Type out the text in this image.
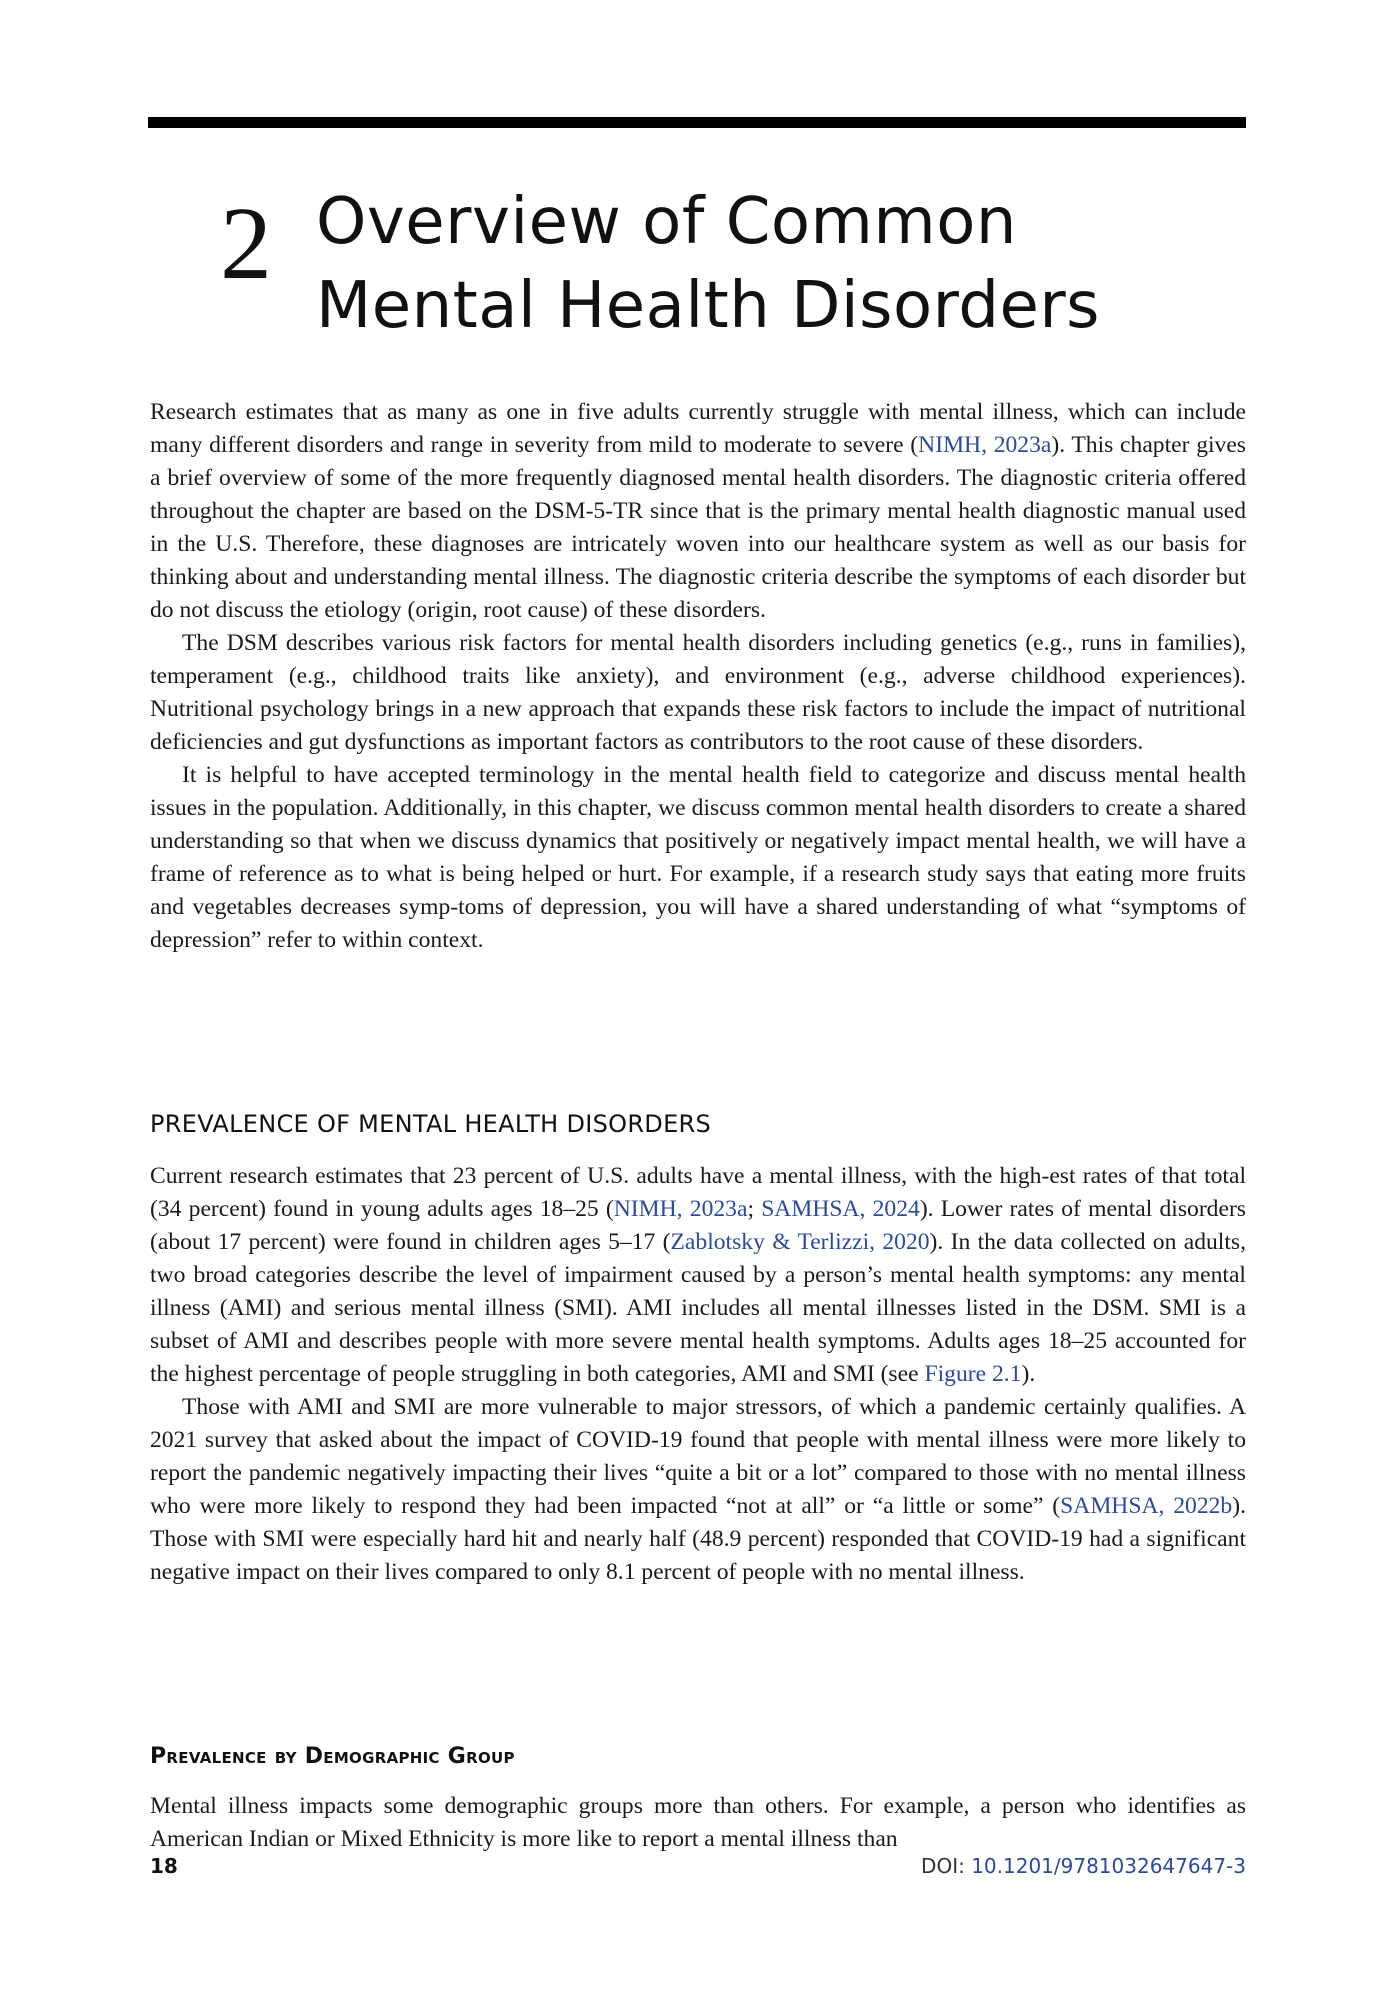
2 Overview of Common
Mental Health Disorders

Research estimates that as many as one in five adults currently struggle with mental illness, which can include many different disorders and range in severity from mild to moderate to severe (NIMH, 2023a). This chapter gives a brief overview of some of the more frequently diagnosed mental health disorders. The diagnostic criteria offered throughout the chapter are based on the DSM-5-TR since that is the primary mental health diagnostic manual used in the U.S. Therefore, these diagnoses are intricately woven into our healthcare system as well as our basis for thinking about and understanding mental illness. The diagnostic criteria describe the symptoms of each disorder but do not discuss the etiology (origin, root cause) of these disorders.

The DSM describes various risk factors for mental health disorders including genetics (e.g., runs in families), temperament (e.g., childhood traits like anxiety), and environment (e.g., adverse childhood experiences). Nutritional psychology brings in a new approach that expands these risk factors to include the impact of nutritional deficiencies and gut dysfunctions as important factors as contributors to the root cause of these disorders.

It is helpful to have accepted terminology in the mental health field to categorize and discuss mental health issues in the population. Additionally, in this chapter, we discuss common mental health disorders to create a shared understanding so that when we discuss dynamics that positively or negatively impact mental health, we will have a frame of reference as to what is being helped or hurt. For example, if a research study says that eating more fruits and vegetables decreases symp-toms of depression, you will have a shared understanding of what “symptoms of depression” refer to within context.

PREVALENCE OF MENTAL HEALTH DISORDERS

Current research estimates that 23 percent of U.S. adults have a mental illness, with the high-est rates of that total (34 percent) found in young adults ages 18–25 (NIMH, 2023a; SAMHSA, 2024). Lower rates of mental disorders (about 17 percent) were found in children ages 5–17 (Zablotsky & Terlizzi, 2020). In the data collected on adults, two broad categories describe the level of impairment caused by a person’s mental health symptoms: any mental illness (AMI) and serious mental illness (SMI). AMI includes all mental illnesses listed in the DSM. SMI is a subset of AMI and describes people with more severe mental health symptoms. Adults ages 18–25 accounted for the highest percentage of people struggling in both categories, AMI and SMI (see Figure 2.1).

Those with AMI and SMI are more vulnerable to major stressors, of which a pandemic certainly qualifies. A 2021 survey that asked about the impact of COVID-19 found that people with mental illness were more likely to report the pandemic negatively impacting their lives “quite a bit or a lot” compared to those with no mental illness who were more likely to respond they had been impacted “not at all” or “a little or some” (SAMHSA, 2022b). Those with SMI were especially hard hit and nearly half (48.9 percent) responded that COVID-19 had a significant negative impact on their lives compared to only 8.1 percent of people with no mental illness.

Prevalence by Demographic Group

Mental illness impacts some demographic groups more than others. For example, a person who identifies as American Indian or Mixed Ethnicity is more like to report a mental illness than

18	DOI: 10.1201/9781032647647-3
